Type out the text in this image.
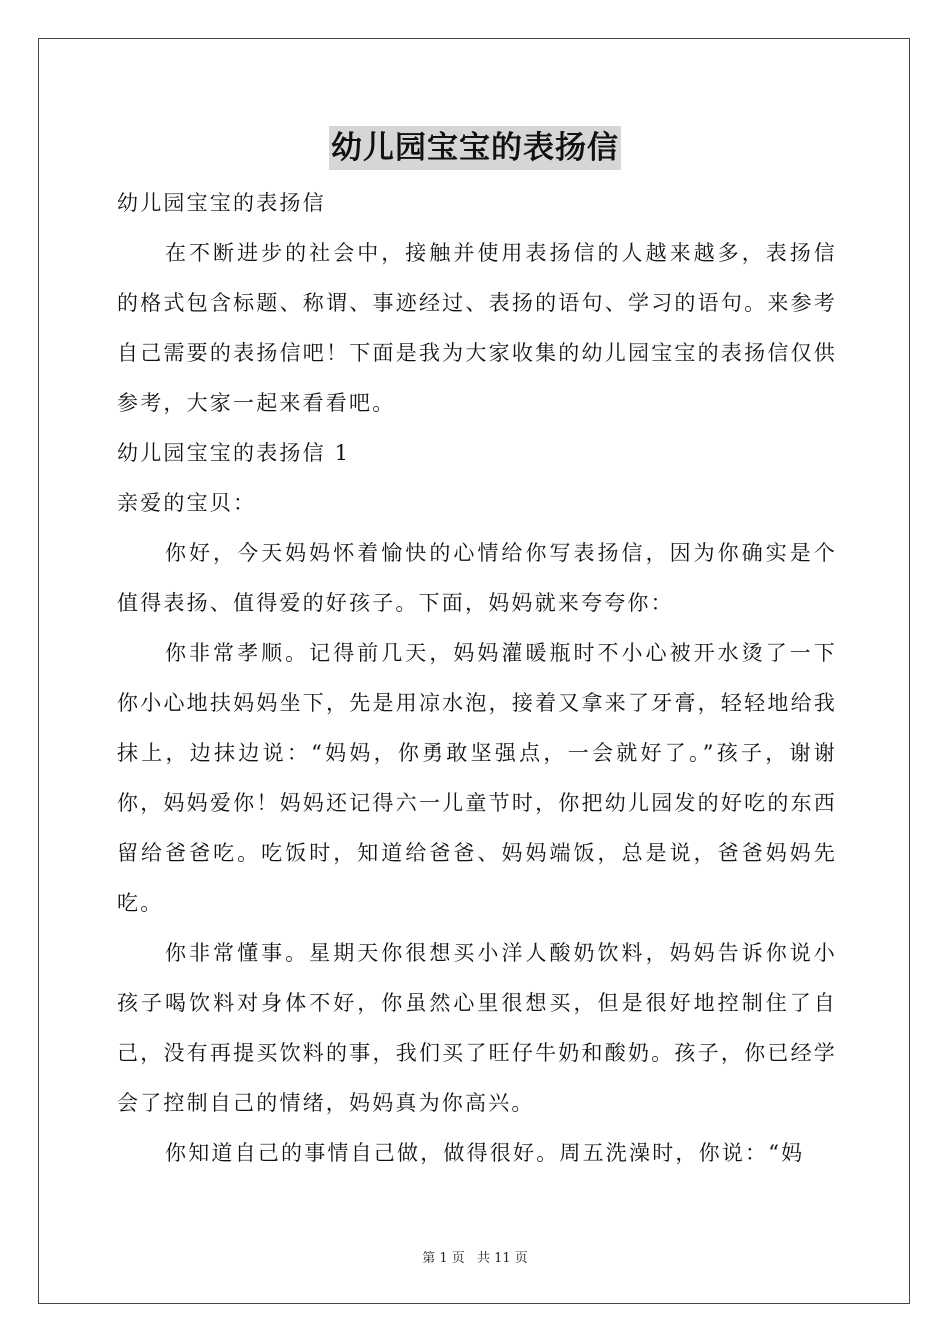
幼儿园宝宝的表扬信

幼儿园宝宝的表扬信

在不断进步的社会中，接触并使用表扬信的人越来越多，表扬信的格式包含标题、称谓、事迹经过、表扬的语句、学习的语句。来参考自己需要的表扬信吧！下面是我为大家收集的幼儿园宝宝的表扬信仅供参考，大家一起来看看吧。

幼儿园宝宝的表扬信 1

亲爱的宝贝：

你好，今天妈妈怀着愉快的心情给你写表扬信，因为你确实是个值得表扬、值得爱的好孩子。下面，妈妈就来夸夸你：

你非常孝顺。记得前几天，妈妈灌暖瓶时不小心被开水烫了一下你小心地扶妈妈坐下，先是用凉水泡，接着又拿来了牙膏，轻轻地给我抹上，边抹边说：“妈妈，你勇敢坚强点，一会就好了。”孩子，谢谢你，妈妈爱你！妈妈还记得六一儿童节时，你把幼儿园发的好吃的东西留给爸爸吃。吃饭时，知道给爸爸、妈妈端饭，总是说，爸爸妈妈先吃。

你非常懂事。星期天你很想买小洋人酸奶饮料，妈妈告诉你说小孩子喝饮料对身体不好，你虽然心里很想买，但是很好地控制住了自己，没有再提买饮料的事，我们买了旺仔牛奶和酸奶。孩子，你已经学会了控制自己的情绪，妈妈真为你高兴。

你知道自己的事情自己做，做得很好。周五洗澡时，你说：“妈

第 1 页 共 11 页
